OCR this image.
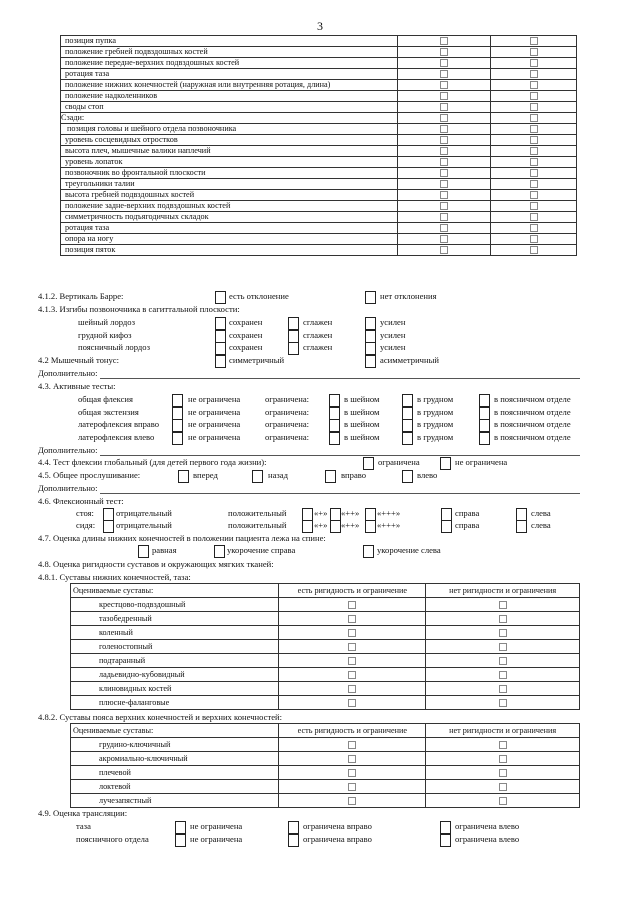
3
позиция пупка		
положение гребней подвздошных костей		
положение передне-верхних подвздошных костей		
ротация таза		
положение нижних конечностей (наружная или внутренняя ротация, длина)		
положение надколенников		
своды стоп		
Сзади:		
позиция головы и шейного отдела позвоночника		
уровень сосцевидных отростков		
высота плеч, мышечные валики наплечий		
уровень лопаток		
позвоночник во фронтальной плоскости		
треугольники талии		
высота гребней подвздошных костей		
положение задне-верхних подвздошных костей		
симметричность подъягодичных складок		
ротация таза		
опора на ногу		
позиция пяток		
4.1.2. Вертикаль Барре:	есть отклонение	нет отклонения
4.1.3. Изгибы позвоночника в сагиттальной плоскости:
4.2 Мышечный тонус:	симметричный	асимметричный
Дополнительно:
4.3. Активные тесты:
Дополнительно:
4.4. Тест флексии глобальный (для детей первого года жизни):	ограничена	не ограничена
4.5. Общее прослушивание:	вперед	назад	вправо	влево
Дополнительно:
4.6. Флексионный тест:
4.7. Оценка длины нижних конечностей в положении пациента лежа на спине:
равная	укорочение справа	укорочение слева
4.8. Оценка ригидности суставов и окружающих мягких тканей:
4.8.1. Суставы нижних конечностей, таза:
Оцениваемые суставы:	есть ригидность и ограничение	нет ригидности и ограничения
крестцово-подвздошный		
тазобедренный		
коленный		
голеностопный		
подтаранный		
ладьевидно-кубовидный		
клиновидных костей		
плюсне-фаланговые		
4.8.2. Суставы пояса верхних конечностей и верхних конечностей:
Оцениваемые суставы:	есть ригидность и ограничение	нет ригидности и ограничения
грудино-ключичный		
акромиально-ключичный		
плечевой		
локтевой		
лучезапястный		
4.9. Оценка трансляции:
шейный лордоз	сохранен	сглажен	усилен
грудной кифоз	сохранен	сглажен	усилен
поясничный лордоз	сохранен	сглажен	усилен
общая флексия	не ограничена	ограничена:	в шейном	в грудном	в поясничном отделе
общая экстензия	не ограничена	ограничена:	в шейном	в грудном	в поясничном отделе
латерофлексия вправо	не ограничена	ограничена:	в шейном	в грудном	в поясничном отделе
латерофлексия влево	не ограничена	ограничена:	в шейном	в грудном	в поясничном отделе
стоя:	отрицательный	положительный	«+» «++» «+++»	справа	слева
сидя: отрицательный	положительный	«+» «++» «+++»	справа	слева
таза	не ограничена	ограничена вправо	ограничена влево
поясничного отдела	не ограничена	ограничена вправо	ограничена влево
